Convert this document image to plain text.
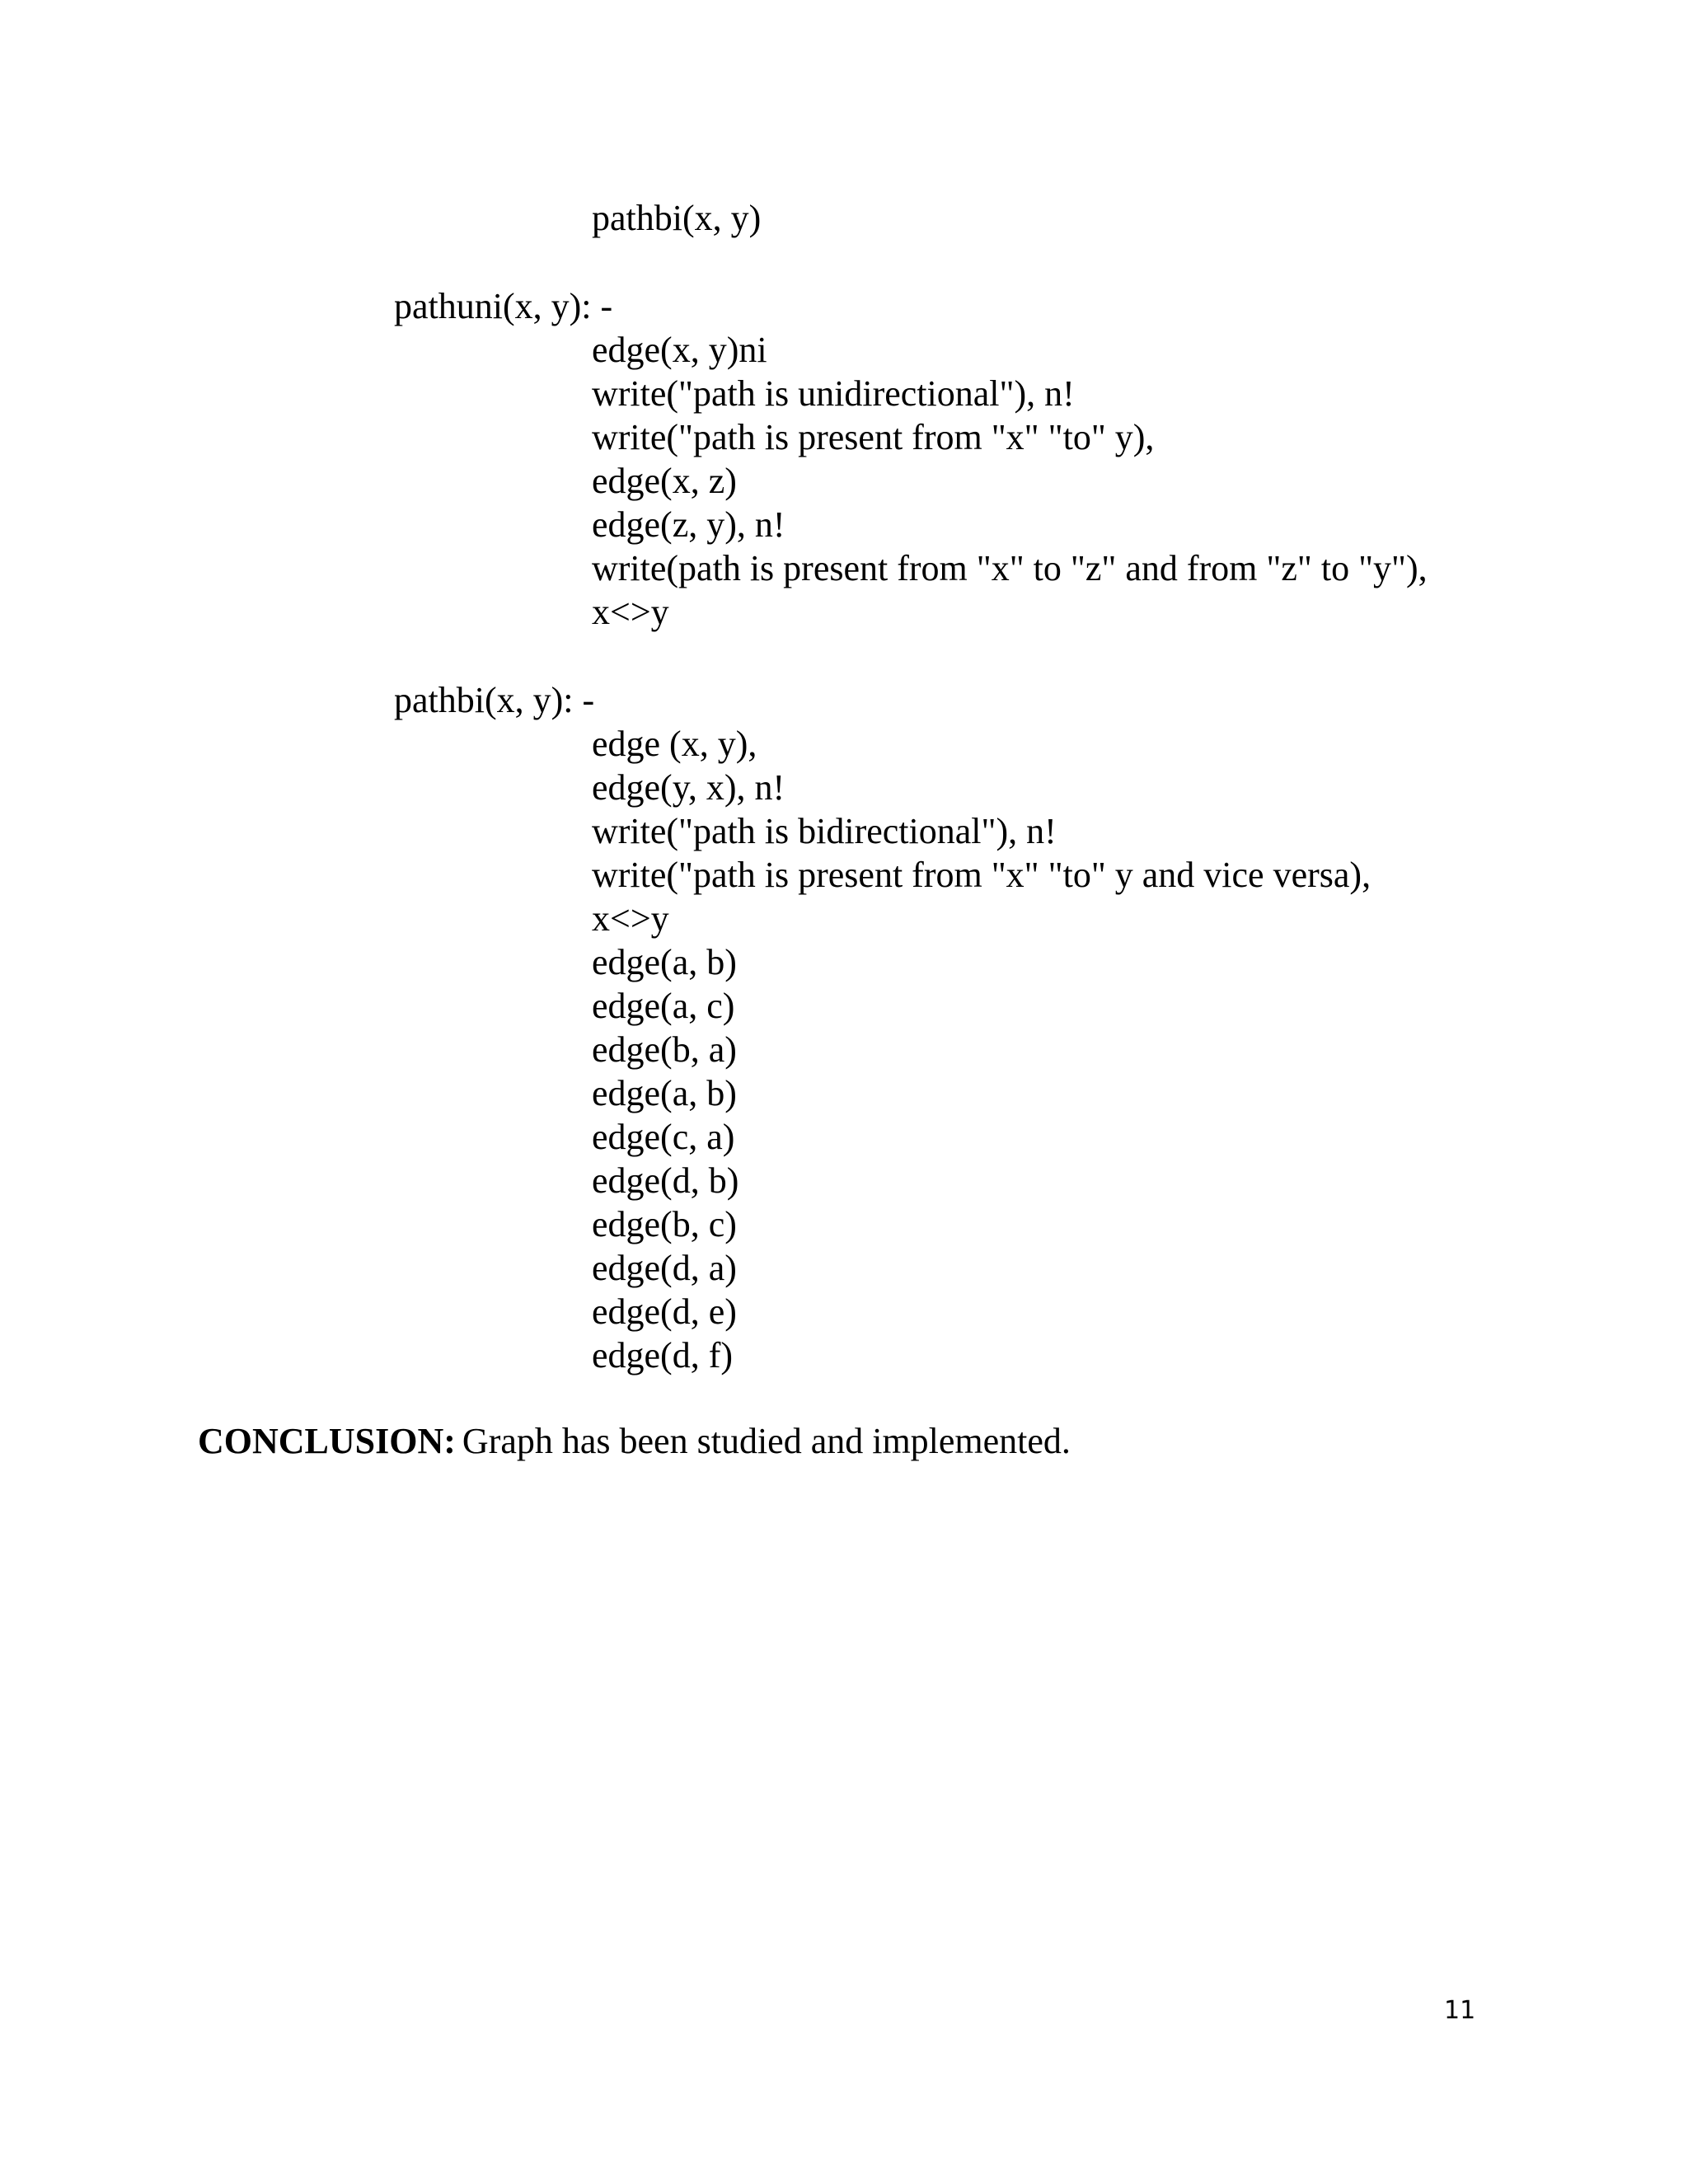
pathbi(x, y)

pathuni(x, y): -

edge(x, y)ni

write("path is unidirectional"), n!

write("path is present from "x" "to" y),

edge(x, z)

edge(z, y), n!

write(path is present from "x" to "z" and from "z" to "y"),

x<>y

pathbi(x, y): -

edge (x, y),

edge(y, x), n!

write("path is bidirectional"), n!

write("path is present from "x" "to" y and vice versa),

x<>y

edge(a, b)

edge(a, c)

edge(b, a)

edge(a, b)

edge(c, a)

edge(d, b)

edge(b, c)

edge(d, a)

edge(d, e)

edge(d, f)

CONCLUSION: Graph has been studied and implemented.
11
